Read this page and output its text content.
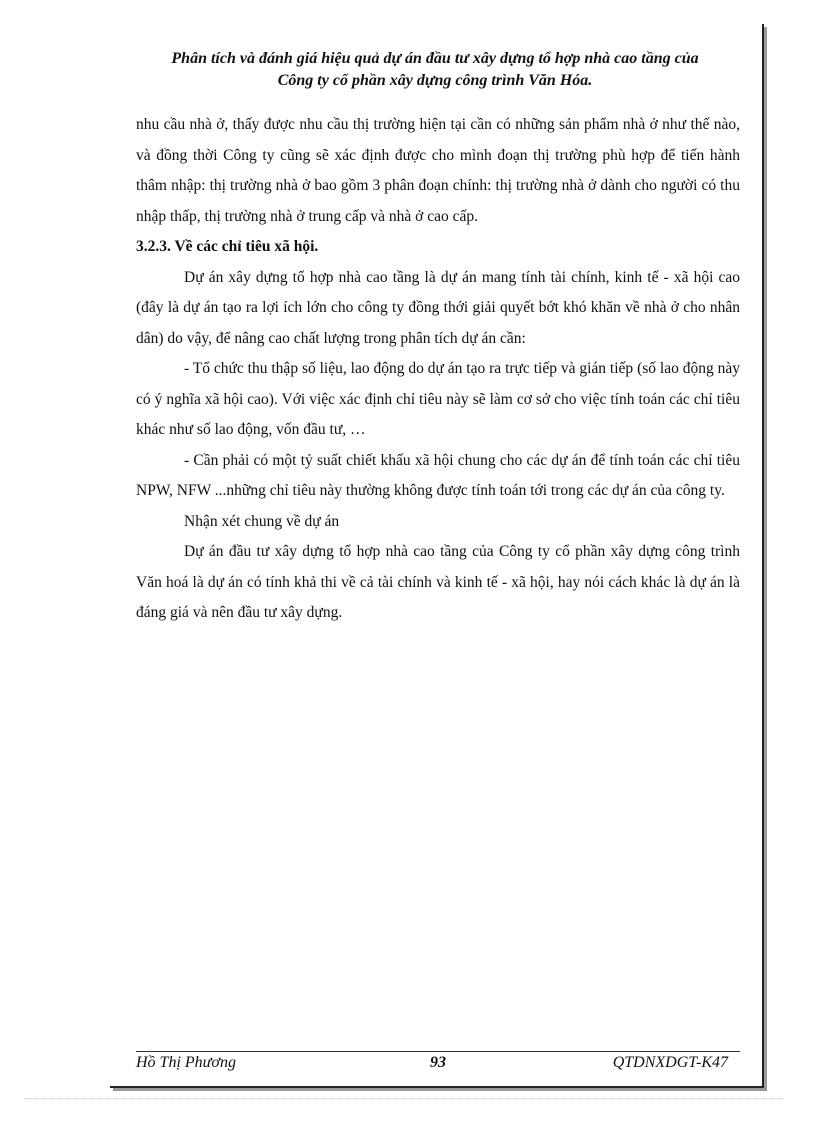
Phân tích và đánh giá hiệu quả dự án đầu tư xây dựng tổ hợp nhà cao tầng của
Công ty cổ phần xây dựng công trình Văn Hóa.

nhu cầu nhà ở, thấy được nhu cầu thị trường hiện tại cần có những sản phẩm nhà ở như thế nào, và đồng thời Công ty cũng sẽ xác định được cho mình đoạn thị trường phù hợp để tiến hành thâm nhập: thị trường nhà ở bao gồm 3 phân đoạn chính: thị trường nhà ở dành cho người có thu nhập thấp, thị trường nhà ở trung cấp và nhà ở cao cấp.

3.2.3. Về các chỉ tiêu xã hội.

Dự án xây dựng tổ hợp nhà cao tầng là dự án mang tính tài chính, kinh tế - xã hội cao (đây là dự án tạo ra lợi ích lớn cho công ty đồng thới giải quyết bớt khó khăn về nhà ở cho nhân dân) do vậy, để nâng cao chất lượng trong phân tích dự án cần:

- Tổ chức thu thập số liệu, lao động do dự án tạo ra trực tiếp và gián tiếp (số lao động này có ý nghĩa xã hội cao). Với việc xác định chỉ tiêu này sẽ làm cơ sở cho việc tính toán các chỉ tiêu khác như số lao động, vốn đầu tư, …

- Cần phải có một tỷ suất chiết khấu xã hội chung cho các dự án để tính toán các chỉ tiêu NPW, NFW ...những chỉ tiêu này thường không được tính toán tới trong các dự án của công ty.

Nhận xét chung về dự án

Dự án đầu tư xây dựng tổ hợp nhà cao tầng của Công ty cổ phần xây dựng công trình Văn hoá là dự án có tính khả thi về cả tài chính và kinh tế - xã hội, hay nói cách khác là dự án là đáng giá và nên đầu tư xây dựng.

Hồ Thị Phương	93	QTDNXDGT-K47
